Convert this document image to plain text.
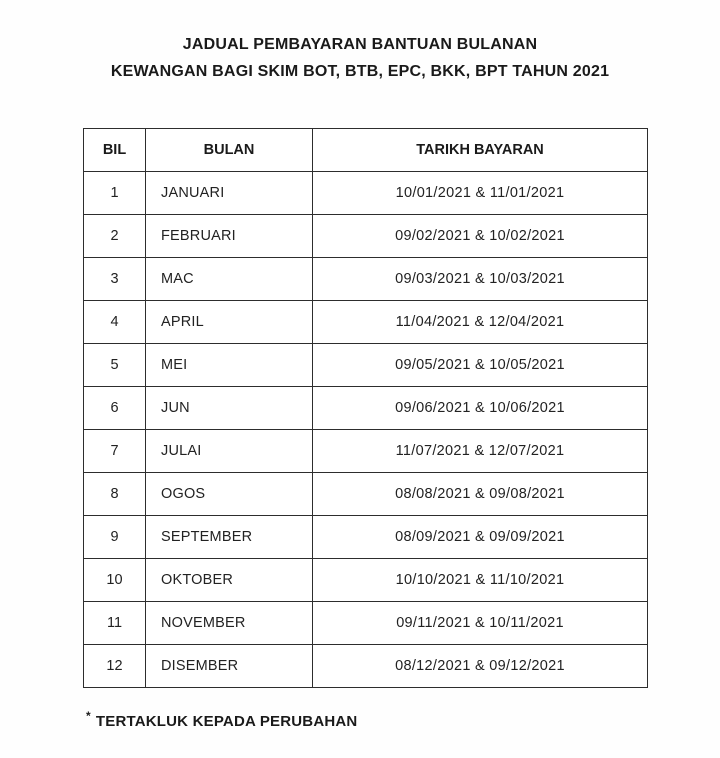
JADUAL PEMBAYARAN BANTUAN BULANAN
KEWANGAN BAGI SKIM BOT, BTB, EPC, BKK, BPT TAHUN 2021
BIL	BULAN	TARIKH BAYARAN
1	JANUARI	10/01/2021 & 11/01/2021
2	FEBRUARI	09/02/2021 & 10/02/2021
3	MAC	09/03/2021 & 10/03/2021
4	APRIL	11/04/2021 & 12/04/2021
5	MEI	09/05/2021 & 10/05/2021
6	JUN	09/06/2021 & 10/06/2021
7	JULAI	11/07/2021 & 12/07/2021
8	OGOS	08/08/2021 & 09/08/2021
9	SEPTEMBER	08/09/2021 & 09/09/2021
10	OKTOBER	10/10/2021 & 11/10/2021
11	NOVEMBER	09/11/2021 & 10/11/2021
12	DISEMBER	08/12/2021 & 09/12/2021
* TERTAKLUK KEPADA PERUBAHAN
